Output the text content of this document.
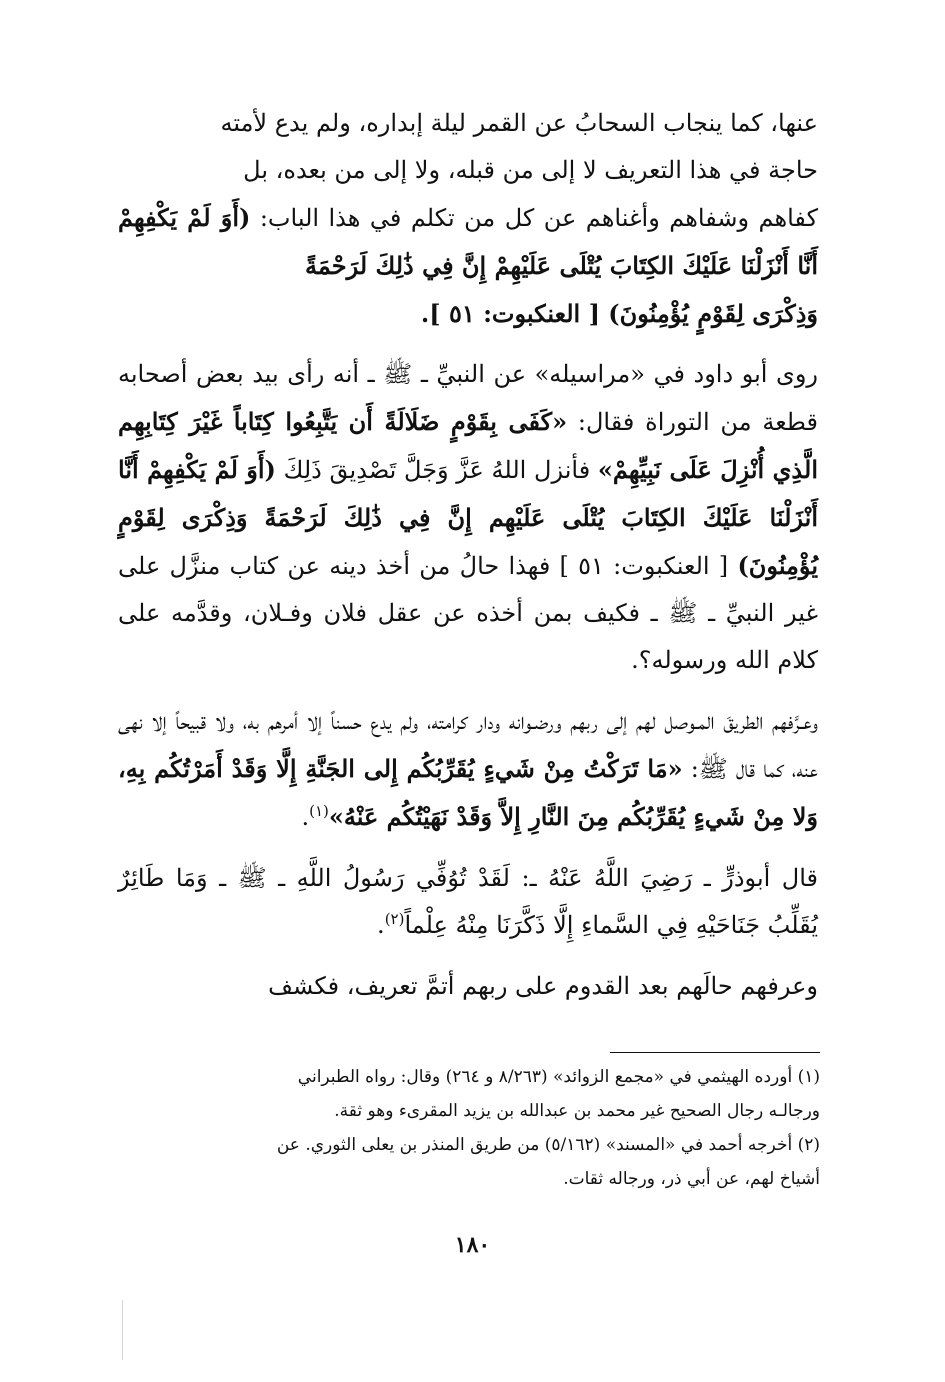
عنها، كما ينجاب السحابُ عن القمر ليلة إبداره، ولم يدع لأمته

حاجة في هذا التعريف لا إلى من قبله، ولا إلى من بعده، بل

كفاهم وشفاهم وأغناهم عن كل من تكلم في هذا الباب: (أَوَ لَمْ يَكْفِهِمْ أَنَّا أَنْزَلْنَا عَلَيْكَ الكِتَابَ يُتْلَى عَلَيْهِمْ إِنَّ فِي ذَٰلِكَ لَرَحْمَةً

وَذِكْرَى لِقَوْمٍ يُؤْمِنُونَ) [ العنكبوت: ٥١ ].

روى أبو داود في «مراسيله» عن النبيِّ ـ ﷺ ـ أنه رأى بيد بعض أصحابه قطعة من التوراة فقال: «كَفَى بِقَوْمٍ ضَلَالَةً أَن يَتَّبِعُوا كِتَاباً غَيْرَ كِتَابِهِم الَّذِي أُنْزِلَ عَلَى نَبِيِّهِمْ» فأنزل اللهُ عَزَّ وَجَلَّ تَصْدِيقَ ذَلِكَ (أَوَ لَمْ يَكْفِهِمْ أَنَّا أَنْزَلْنَا عَلَيْكَ الكِتَابَ يُتْلَى عَلَيْهِم إِنَّ فِي ذَٰلِكَ لَرَحْمَةً وَذِكْرَى لِقَوْمٍ يُؤْمِنُونَ) [ العنكبوت: ٥١ ] فهذا حالُ من أخذ دينه عن كتاب منزَّل على غير النبيِّ ـ ﷺ ـ فكيف بمن أخذه عن عقل فلان وفـلان، وقدَّمه على كلام الله ورسوله؟.

وعـرَّفهم الطريقَ المـوصل لهم إلى ربهم ورضـوانه ودار كرامته، ولم يدع حسناً إلا أمرهم به، ولا قبيحاً إلا نهى عنه، كما قال ﷺ: «مَا تَرَكْتُ مِنْ شَيءٍ يُقَرِّبُكُم إِلى الجَنَّةِ إِلَّا وَقَدْ أَمَرْتُكُم بِهِ، وَلا مِنْ شَيءٍ يُقَرِّبُكُم مِنَ النَّارِ إِلاَّ وَقَدْ نَهَيْتُكُم عَنْهُ»$^{(١)}$.

قال أبوذرٍّ ـ رَضِيَ اللَّهُ عَنْهُ ـ: لَقَدْ تُوُفِّي رَسُولُ اللَّهِ ـ ﷺ ـ وَمَا طَائِرٌ يُقَلِّبُ جَنَاحَيْهِ فِي السَّماءِ إِلَّا ذَكَّرَنَا مِنْهُ عِلْماً$^{(٢)}$.

وعرفهم حالَهم بعد القدوم على ربهم أتمَّ تعريف، فكشف

(١) أورده الهيثمي في «مجمع الزوائد» (٨/٢٦٣ و ٢٦٤) وقال: رواه الطبراني

ورجالـه رجال الصحيح غير محمد بن عبدالله بن يزيد المقرىء وهو ثقة.

(٢) أخرجه أحمد في «المسند» (٥/١٦٢) من طريق المنذر بن يعلى الثوري. عن

أشياخ لهم، عن أبي ذر، ورجاله ثقات.

١٨٠
